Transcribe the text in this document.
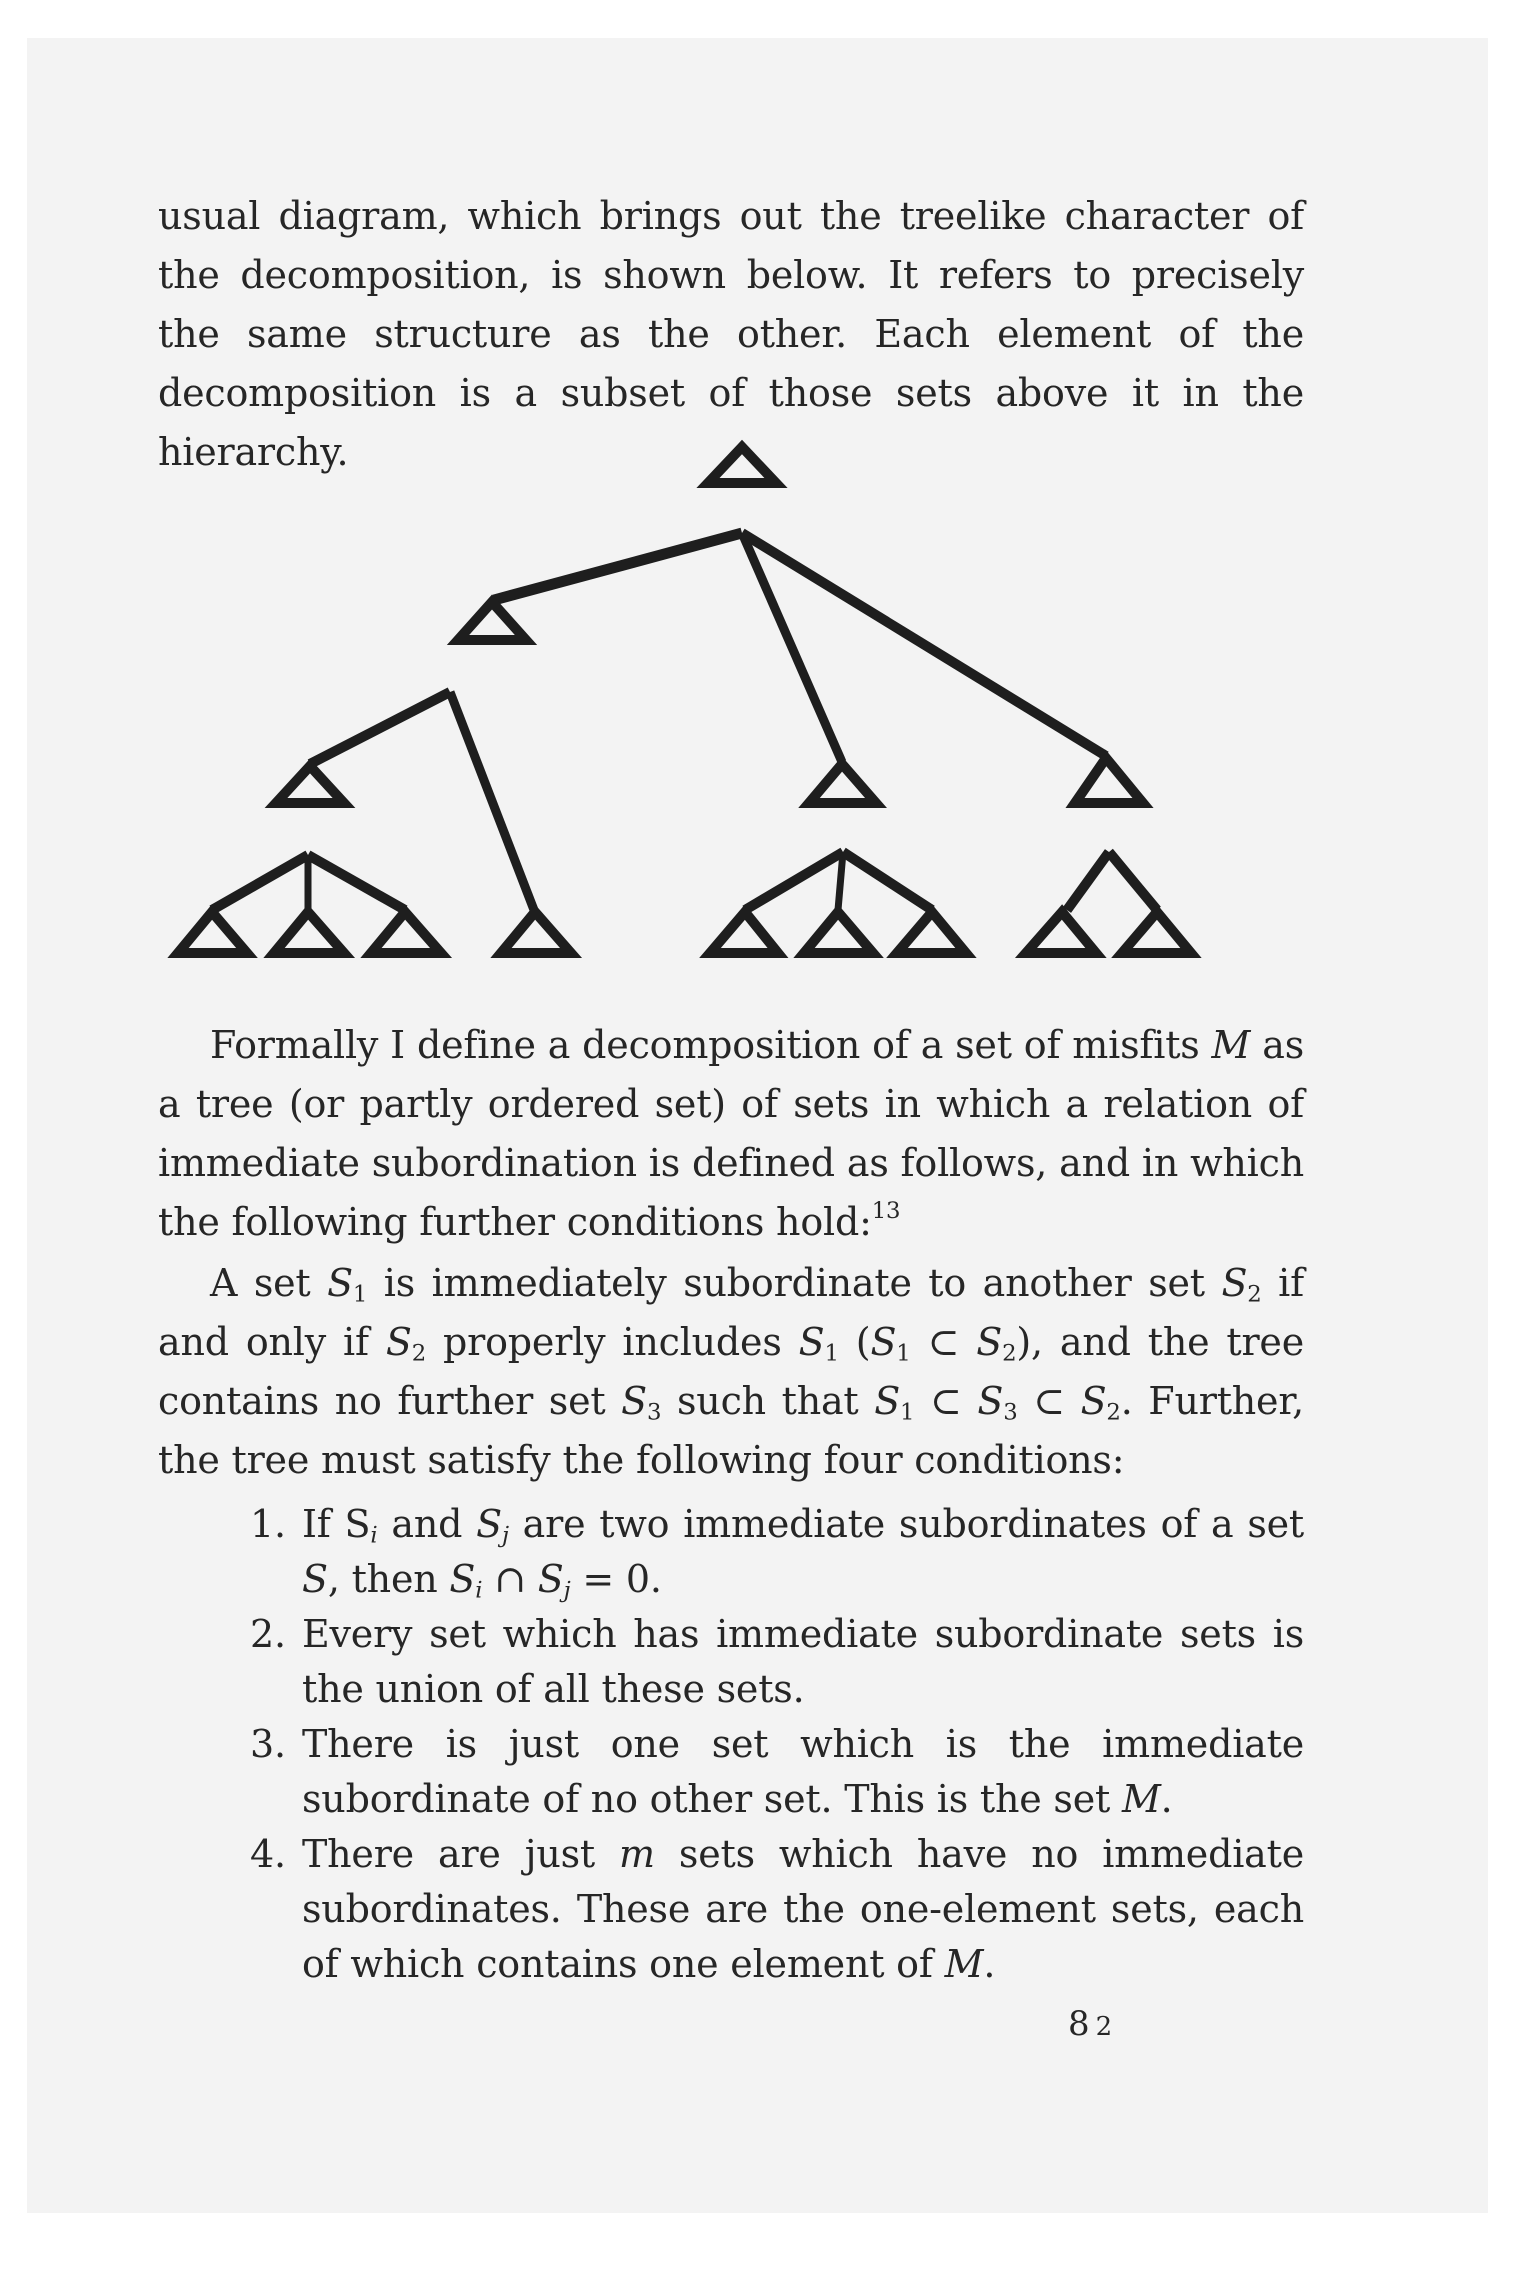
usual diagram, which brings out the treelike character of the decomposition, is shown below. It refers to precisely the same structure as the other. Each element of the decomposition is a subset of those sets above it in the hierarchy.

Formally I define a decomposition of a set of misfits M as a tree (or partly ordered set) of sets in which a relation of immediate subordination is defined as follows, and in which the following further conditions hold:$^{13}$

A set $S_1$ is immediately subordinate to another set $S_2$ if and only if $S_2$ properly includes $S_1$ ($S_1$ ⊂ $S_2$), and the tree contains no further set $S_3$ such that $S_1$ ⊂ $S_3$ ⊂ $S_2$. Further, the tree must satisfy the following four conditions:

1. If $S_i$ and $S_j$ are two immediate subordinates of a set S, then $S_i$ ∩ $S_j = 0$.
2. Every set which has immediate subordinate sets is the union of all these sets.
3. There is just one set which is the immediate subordinate of no other set. This is the set M.
4. There are just m sets which have no immediate subordinates. These are the one-element sets, each of which contains one element of M.
82
